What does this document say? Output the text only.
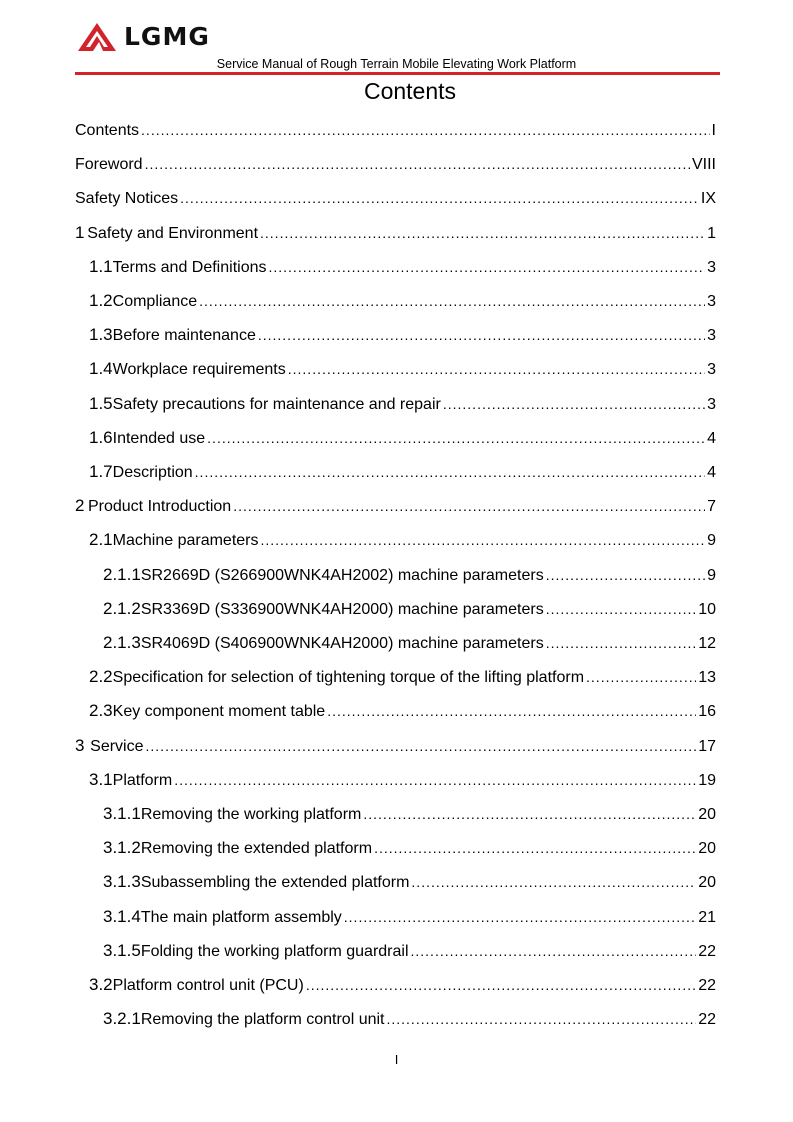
LGMG
Service Manual of Rough Terrain Mobile Elevating Work Platform
Contents
Contents .....	I
Foreword .....	VIII
Safety Notices .....	IX
1 Safety and Environment .....	1
1.1 Terms and Definitions .....	3
1.2 Compliance .....	3
1.3 Before maintenance .....	3
1.4 Workplace requirements .....	3
1.5 Safety precautions for maintenance and repair .....	3
1.6 Intended use .....	4
1.7 Description .....	4
2 Product Introduction .....	7
2.1 Machine parameters .....	9
2.1.1 SR2669D (S266900WNK4AH2002) machine parameters .....	9
2.1.2 SR3369D (S336900WNK4AH2000) machine parameters .....	10
2.1.3 SR4069D (S406900WNK4AH2000) machine parameters .....	12
2.2 Specification for selection of tightening torque of the lifting platform .....	13
2.3 Key component moment table .....	16
3 Service .....	17
3.1 Platform .....	19
3.1.1 Removing the working platform .....	20
3.1.2 Removing the extended platform .....	20
3.1.3 Subassembling the extended platform .....	20
3.1.4 The main platform assembly .....	21
3.1.5 Folding the working platform guardrail .....	22
3.2 Platform control unit (PCU) .....	22
3.2.1 Removing the platform control unit .....	22
I
